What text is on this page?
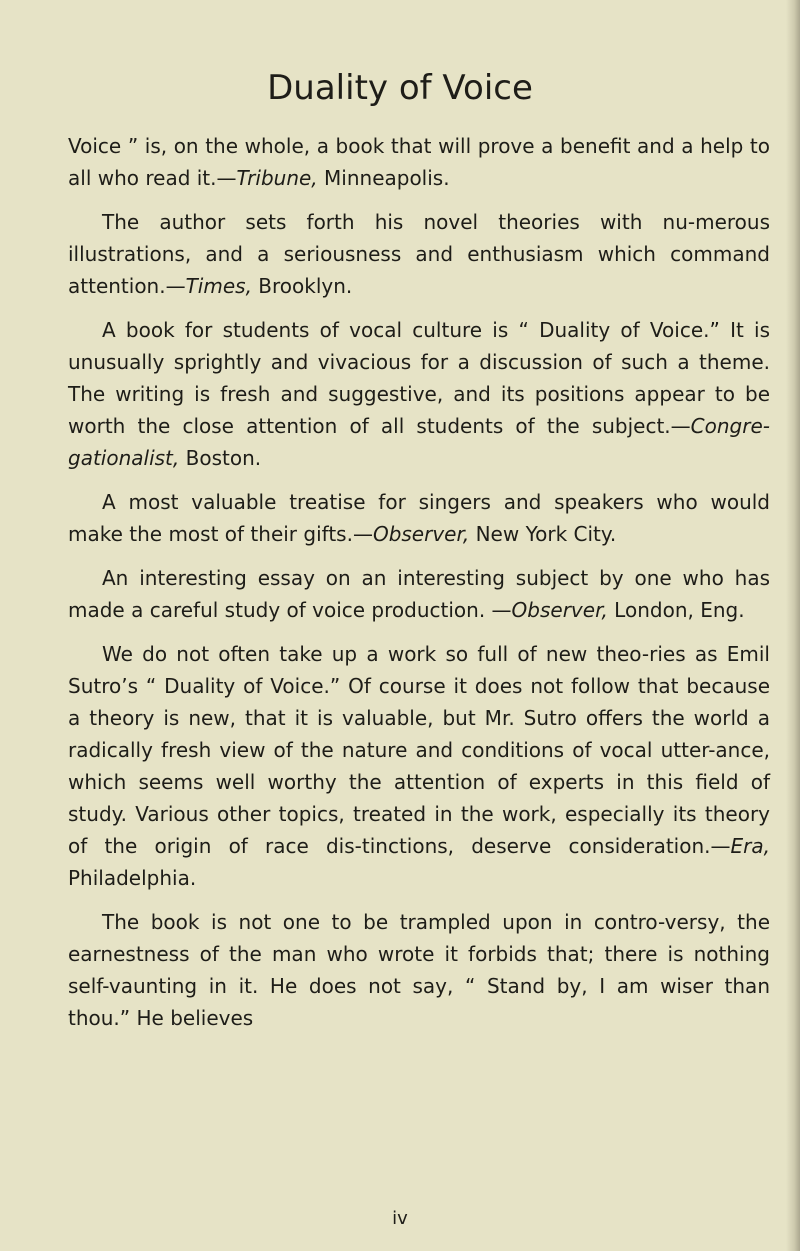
Duality of Voice

Voice ” is, on the whole, a book that will prove a benefit and a help to all who read it.—Tribune, Minneapolis.

The author sets forth his novel theories with nu-merous illustrations, and a seriousness and enthusiasm which command attention.—Times, Brooklyn.

A book for students of vocal culture is “ Duality of Voice.” It is unusually sprightly and vivacious for a discussion of such a theme. The writing is fresh and suggestive, and its positions appear to be worth the close attention of all students of the subject.—Congre-gationalist, Boston.

A most valuable treatise for singers and speakers who would make the most of their gifts.—Observer, New York City.

An interesting essay on an interesting subject by one who has made a careful study of voice production. —Observer, London, Eng.

We do not often take up a work so full of new theo-ries as Emil Sutro’s “ Duality of Voice.” Of course it does not follow that because a theory is new, that it is valuable, but Mr. Sutro offers the world a radically fresh view of the nature and conditions of vocal utter-ance, which seems well worthy the attention of experts in this field of study. Various other topics, treated in the work, especially its theory of the origin of race dis-tinctions, deserve consideration.—Era, Philadelphia.

The book is not one to be trampled upon in contro-versy, the earnestness of the man who wrote it forbids that; there is nothing self-vaunting in it. He does not say, “ Stand by, I am wiser than thou.” He believes

iv
